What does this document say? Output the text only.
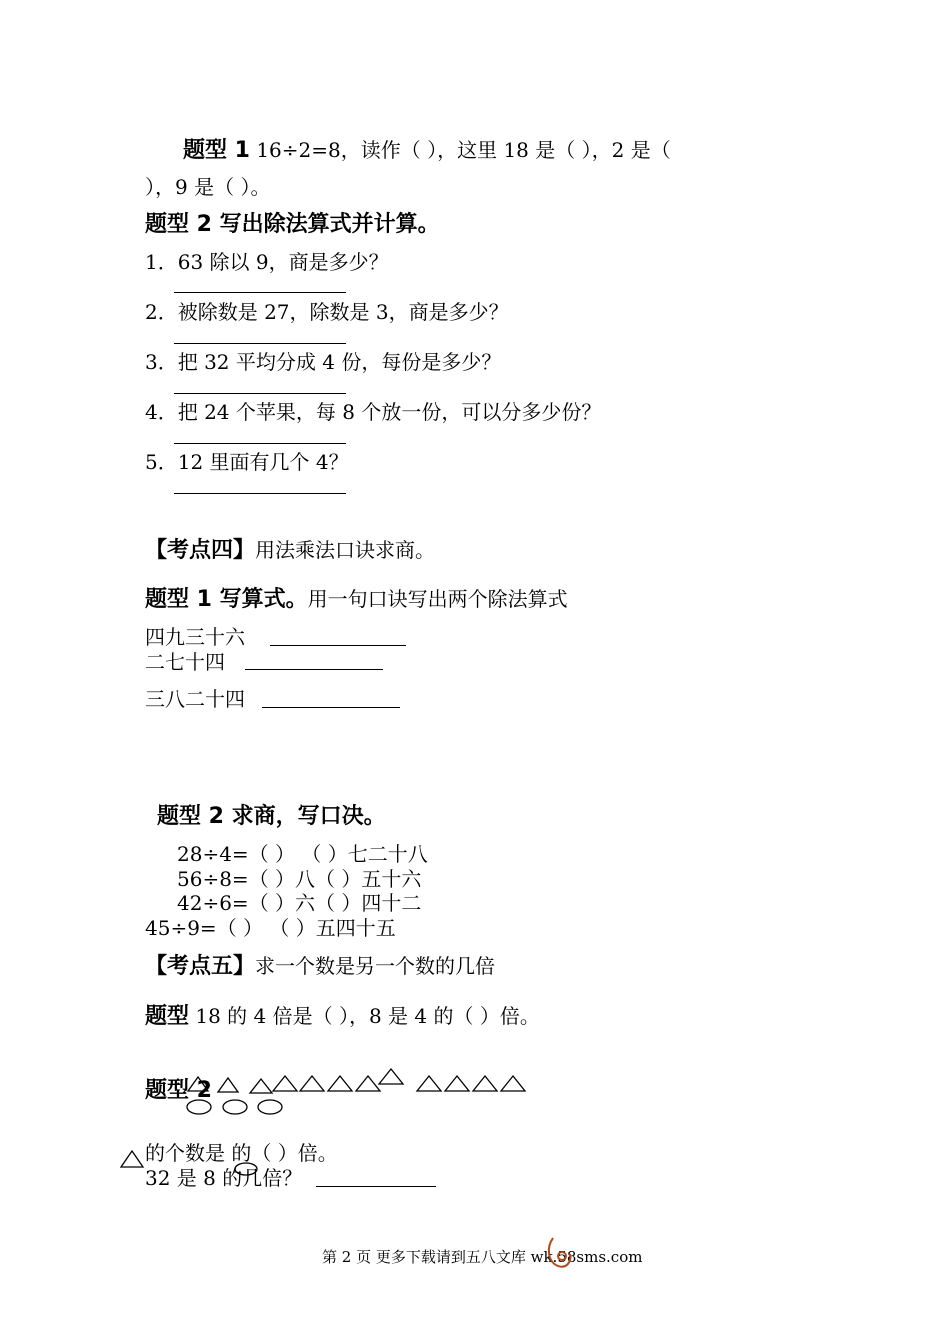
题型 1 16÷2=8，读作（ ），这里 18 是（ ），2 是（
），9 是（ ）。
题型 2 写出除法算式并计算。
1．63 除以 9，商是多少？
2．被除数是 27，除数是 3，商是多少？
3．把 32 平均分成 4 份，每份是多少？
4．把 24 个苹果，每 8 个放一份，可以分多少份？
5．12 里面有几个 4？
【考点四】用法乘法口诀求商。
题型 1 写算式。用一句口诀写出两个除法算式
四九三十六
二七十四
三八二十四
题型 2 求商，写口决。
28÷4=（ ） （ ）七二十八
56÷8=（ ）八（ ）五十六
42÷6=（ ）六（ ）四十二
45÷9=（ ） （ ）五四十五
【考点五】求一个数是另一个数的几倍
题型 18 的 4 倍是（ ），8 是 4 的（ ）倍。
题型 2
的个数是 的（ ）倍。
32 是 8 的几倍？
第 2 页 更多下载请到五八文库 wk.58sms.com
